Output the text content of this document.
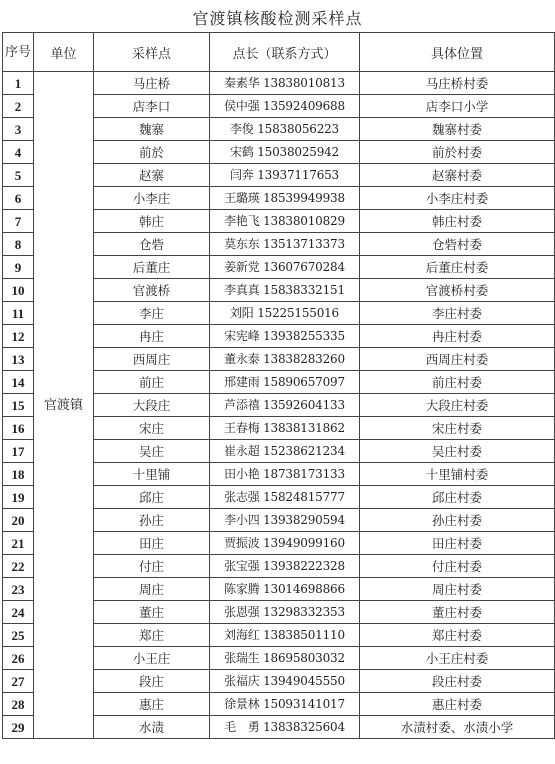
官渡镇核酸检测采样点
序号	单位	采样点	点长（联系方式）	具体位置
1	官渡镇	马庄桥	秦素华 13838010813	马庄桥村委
2		店李口	侯中强 13592409688	店李口小学
3		魏寨	李俊 15838056223	魏寨村委
4		前於	宋鹤 15038025942	前於村委
5		赵寨	闫奔 13937117653	赵寨村委
6		小李庄	王璐瑛 18539949938	小李庄村委
7		韩庄	李艳飞 13838010829	韩庄村委
8		仓砦	莫东东 13513713373	仓砦村委
9		后董庄	姜新党 13607670284	后董庄村委
10		官渡桥	李真真 15838332151	官渡桥村委
11		李庄	刘阳 15225155016	李庄村委
12		冉庄	宋宪峰 13938255335	冉庄村委
13		西周庄	董永泰 13838283260	西周庄村委
14		前庄	邢建雨 15890657097	前庄村委
15		大段庄	芦添禧 13592604133	大段庄村委
16		宋庄	王春梅 13838131862	宋庄村委
17		吴庄	崔永超 15238621234	吴庄村委
18		十里铺	田小艳 18738173133	十里铺村委
19		邱庄	张志强 15824815777	邱庄村委
20		孙庄	李小四 13938290594	孙庄村委
21		田庄	贾振波 13949099160	田庄村委
22		付庄	张宝强 13938222328	付庄村委
23		周庄	陈家腾 13014698866	周庄村委
24		董庄	张恩强 13298332353	董庄村委
25		郑庄	刘海红 13838501110	郑庄村委
26		小王庄	张瑞生 18695803032	小王庄村委
27		段庄	张福庆 13949045550	段庄村委
28		惠庄	徐景林 15093141017	惠庄村委
29		水渍	毛　勇 13838325604	水渍村委、水渍小学
